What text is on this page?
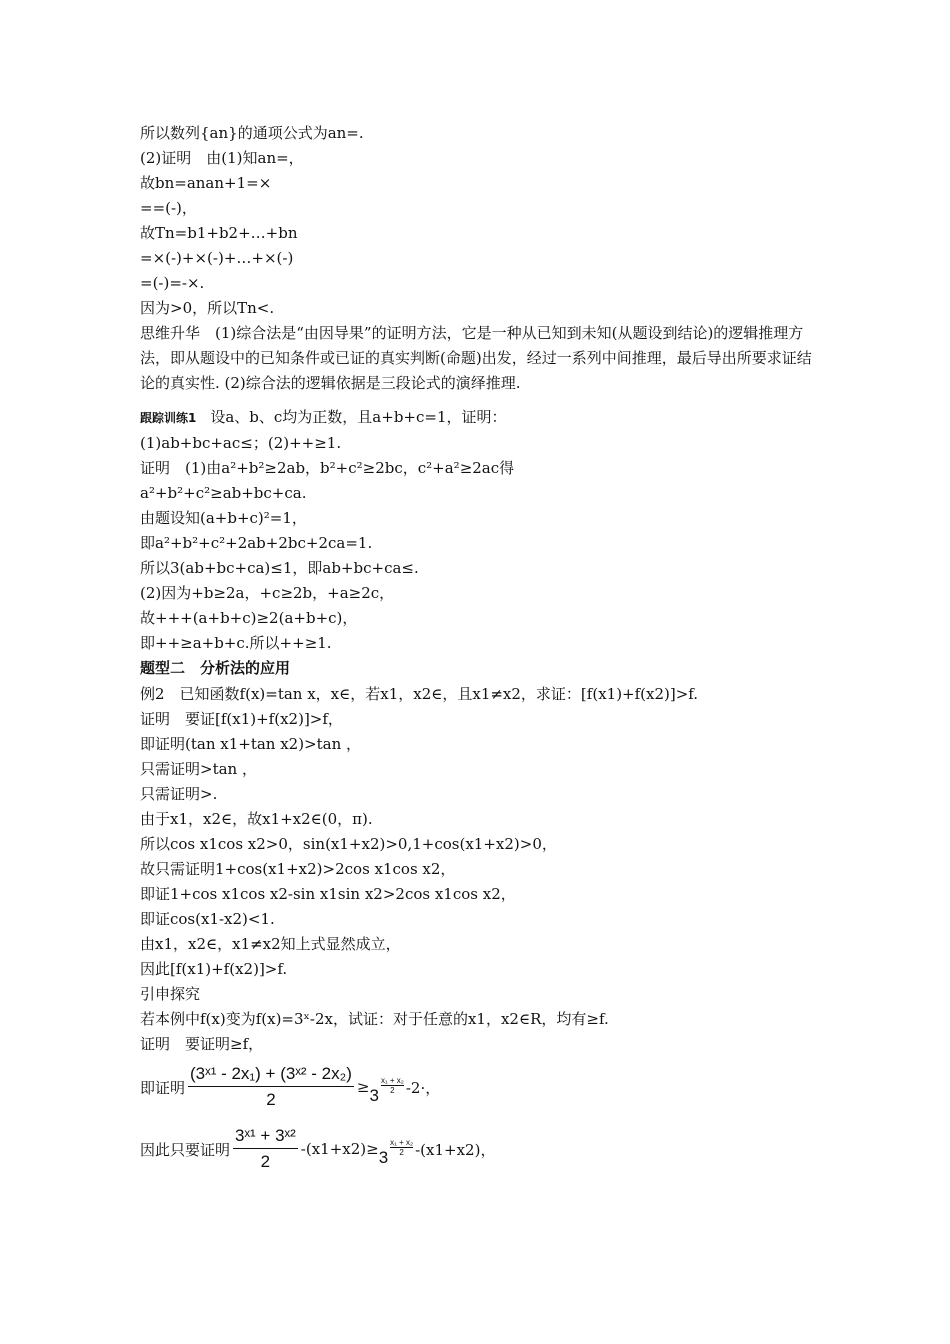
所以数列{an}的通项公式为an=.
(2)证明　由(1)知an=，
故bn=anan+1=×
==(-)，
故Tn=b1+b2+…+bn
=×(-)+×(-)+…+×(-)
=(-)=-×.
因为>0，所以Tn<.
思维升华　(1)综合法是“由因导果”的证明方法，它是一种从已知到未知(从题设到结论)的逻辑推理方法，即从题设中的已知条件或已证的真实判断(命题)出发，经过一系列中间推理，最后导出所要求证结论的真实性. (2)综合法的逻辑依据是三段论式的演绎推理.
跟踪训练1 设a、b、c均为正数，且a+b+c=1，证明：
(1)ab+bc+ac≤；(2)++≥1.
证明　(1)由a²+b²≥2ab，b²+c²≥2bc，c²+a²≥2ac得
a²+b²+c²≥ab+bc+ca.
由题设知(a+b+c)²=1，
即a²+b²+c²+2ab+2bc+2ca=1.
所以3(ab+bc+ca)≤1，即ab+bc+ca≤.
(2)因为+b≥2a，+c≥2b，+a≥2c，
故+++(a+b+c)≥2(a+b+c)，
即++≥a+b+c.所以++≥1.
题型二　分析法的应用
例2　已知函数f(x)=tan x，x∈，若x1，x2∈，且x1≠x2，求证：[f(x1)+f(x2)]>f.
证明　要证[f(x1)+f(x2)]>f，
即证明(tan x1+tan x2)>tan ，
只需证明>tan ，
只需证明>.
由于x1，x2∈，故x1+x2∈(0，π).
所以cos x1cos x2>0，sin(x1+x2)>0,1+cos(x1+x2)>0，
故只需证明1+cos(x1+x2)>2cos x1cos x2，
即证1+cos x1cos x2-sin x1sin x2>2cos x1cos x2，
即证cos(x1-x2)<1.
由x1，x2∈，x1≠x2知上式显然成立，
因此[f(x1)+f(x2)]>f.
引申探究
若本例中f(x)变为f(x)=3ˣ-2x，试证：对于任意的x1，x2∈R，均有≥f.
证明　要证明≥f，
即证明 $\frac{\text{(3ˣ¹ - 2x₁) + (3ˣ² - 2x₂)}}{2} \ge 3$
x₁ + x₂
2 -2·，
因此只要证明 $\frac{\text{3ˣ¹ + 3ˣ²}}{2} -(x1+x2)\ge 3$
x₁ + x₂
2 -(x1+x2)，
